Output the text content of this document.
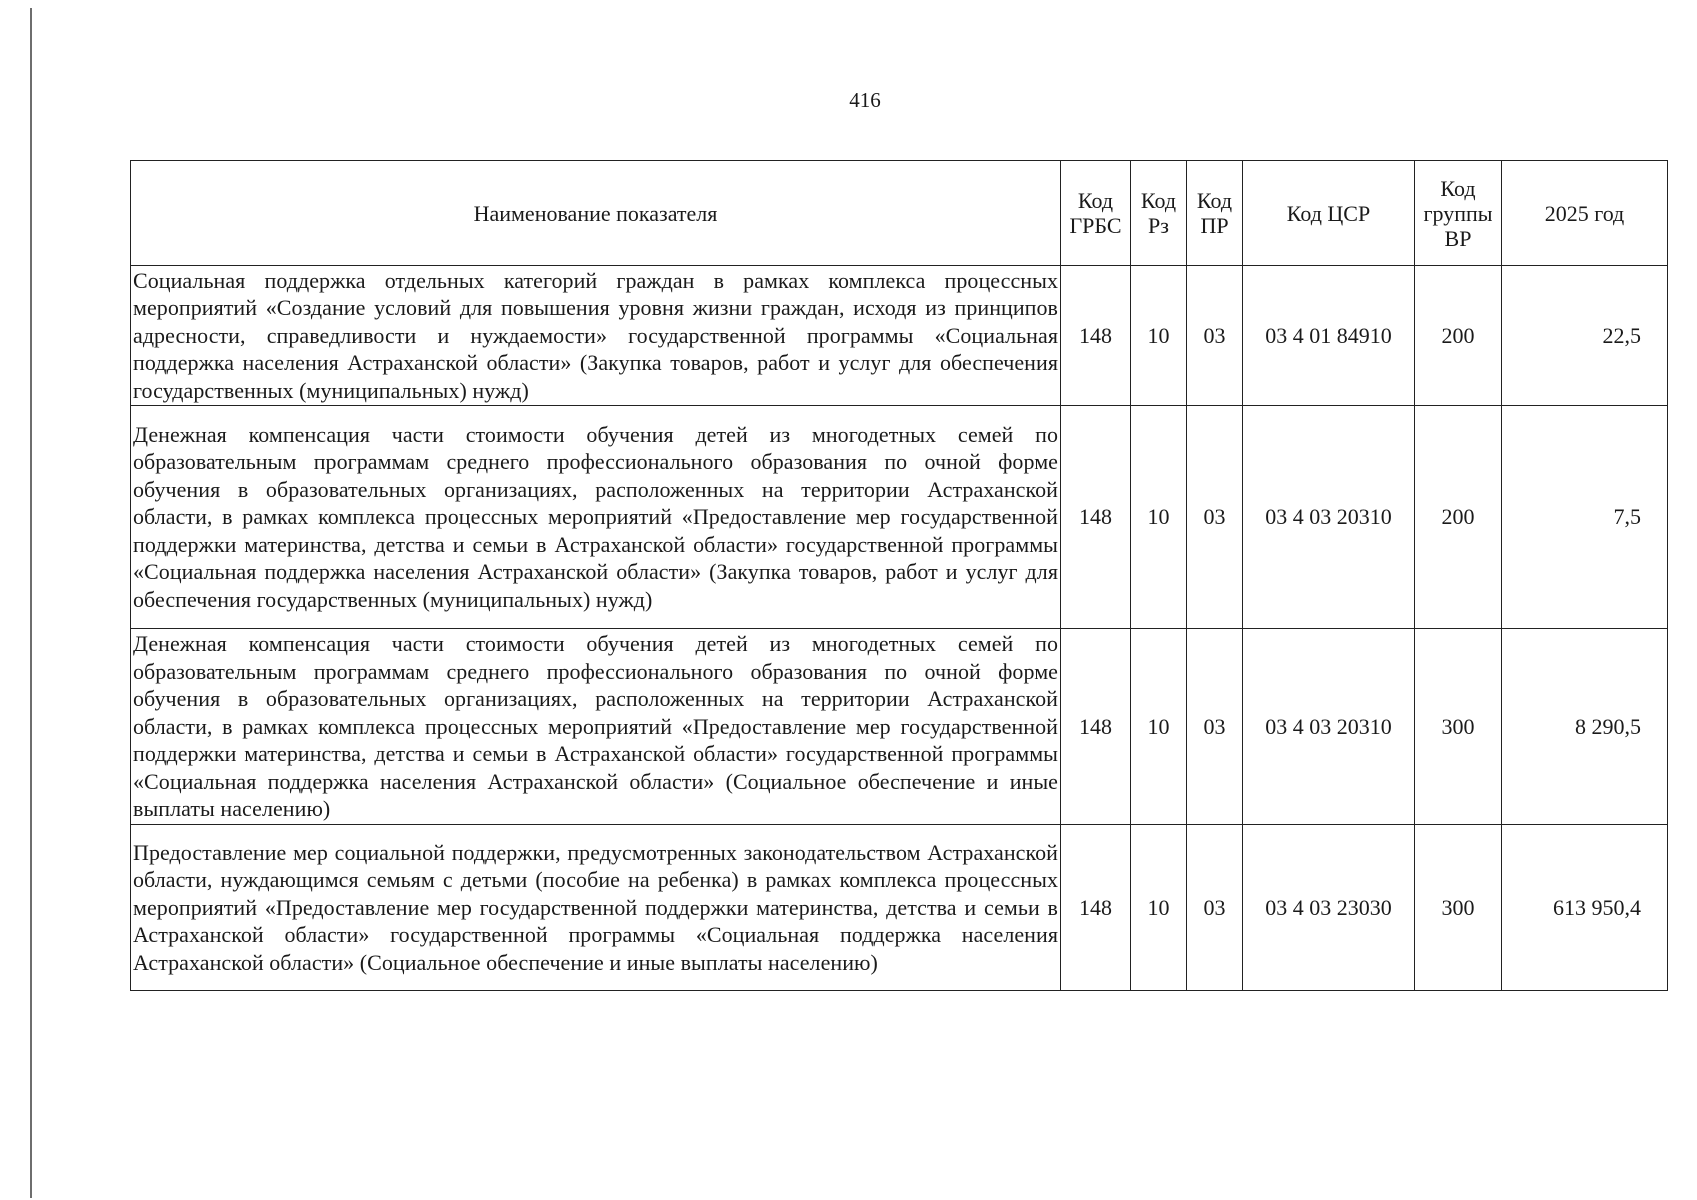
416
Наименование показателя	Код ГРБС	Код Рз	Код ПР	Код ЦСР	Код группы ВР	2025 год
Социальная поддержка отдельных категорий граждан в рамках комплекса процессных мероприятий «Создание условий для повышения уровня жизни граждан, исходя из принципов адресности, справедливости и нуждаемости» государственной программы «Социальная поддержка населения Астраханской области» (Закупка товаров, работ и услуг для обеспечения государственных (муниципальных) нужд)	148	10	03	03 4 01 84910	200	22,5
Денежная компенсация части стоимости обучения детей из многодетных семей по образовательным программам среднего профессионального образования по очной форме обучения в образовательных организациях, расположенных на территории Астраханской области, в рамках комплекса процессных мероприятий «Предоставление мер государственной поддержки материнства, детства и семьи в Астраханской области» государственной программы «Социальная поддержка населения Астраханской области» (Закупка товаров, работ и услуг для обеспечения государственных (муниципальных) нужд)	148	10	03	03 4 03 20310	200	7,5
Денежная компенсация части стоимости обучения детей из многодетных семей по образовательным программам среднего профессионального образования по очной форме обучения в образовательных организациях, расположенных на территории Астраханской области, в рамках комплекса процессных мероприятий «Предоставление мер государственной поддержки материнства, детства и семьи в Астраханской области» государственной программы «Социальная поддержка населения Астраханской области» (Социальное обеспечение и иные выплаты населению)	148	10	03	03 4 03 20310	300	8 290,5
Предоставление мер социальной поддержки, предусмотренных законодательством Астраханской области, нуждающимся семьям с детьми (пособие на ребенка) в рамках комплекса процессных мероприятий «Предоставление мер государственной поддержки материнства, детства и семьи в Астраханской области» государственной программы «Социальная поддержка населения Астраханской области» (Социальное обеспечение и иные выплаты населению)	148	10	03	03 4 03 23030	300	613 950,4
